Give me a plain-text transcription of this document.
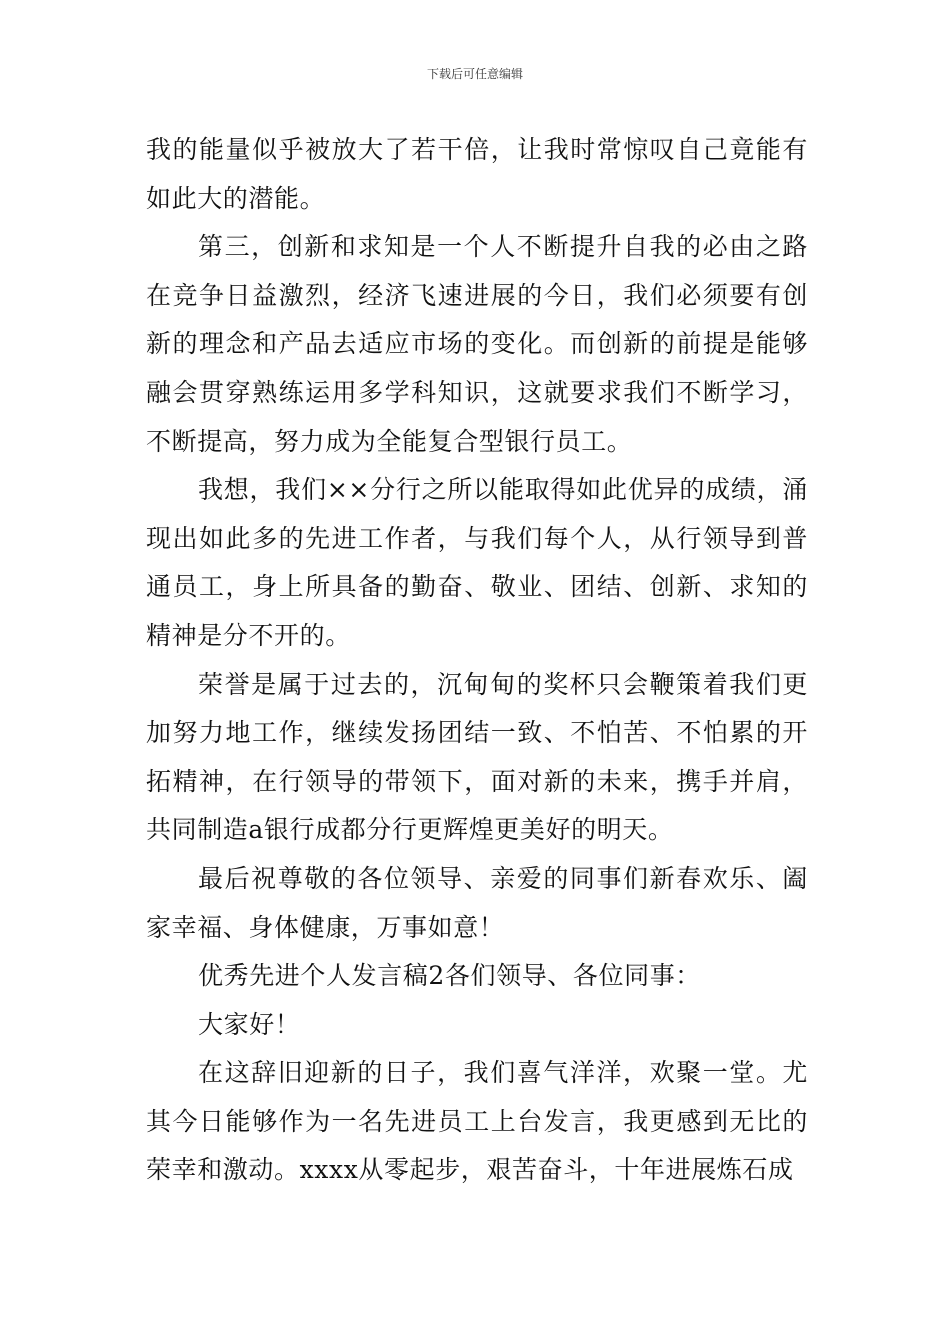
下载后可任意编辑

我的能量似乎被放大了若干倍，让我时常惊叹自己竟能有如此大的潜能。

第三，创新和求知是一个人不断提升自我的必由之路在竞争日益激烈，经济飞速进展的今日，我们必须要有创新的理念和产品去适应市场的变化。而创新的前提是能够融会贯穿熟练运用多学科知识，这就要求我们不断学习，不断提高，努力成为全能复合型银行员工。

我想，我们××分行之所以能取得如此优异的成绩，涌现出如此多的先进工作者，与我们每个人，从行领导到普通员工，身上所具备的勤奋、敬业、团结、创新、求知的精神是分不开的。

荣誉是属于过去的，沉甸甸的奖杯只会鞭策着我们更加努力地工作，继续发扬团结一致、不怕苦、不怕累的开拓精神，在行领导的带领下，面对新的未来，携手并肩，共同制造a银行成都分行更辉煌更美好的明天。

最后祝尊敬的各位领导、亲爱的同事们新春欢乐、阖家幸福、身体健康，万事如意！

优秀先进个人发言稿2各们领导、各位同事：

大家好！

在这辞旧迎新的日子，我们喜气洋洋，欢聚一堂。尤其今日能够作为一名先进员工上台发言，我更感到无比的荣幸和激动。xxxx从零起步，艰苦奋斗，十年进展炼石成
